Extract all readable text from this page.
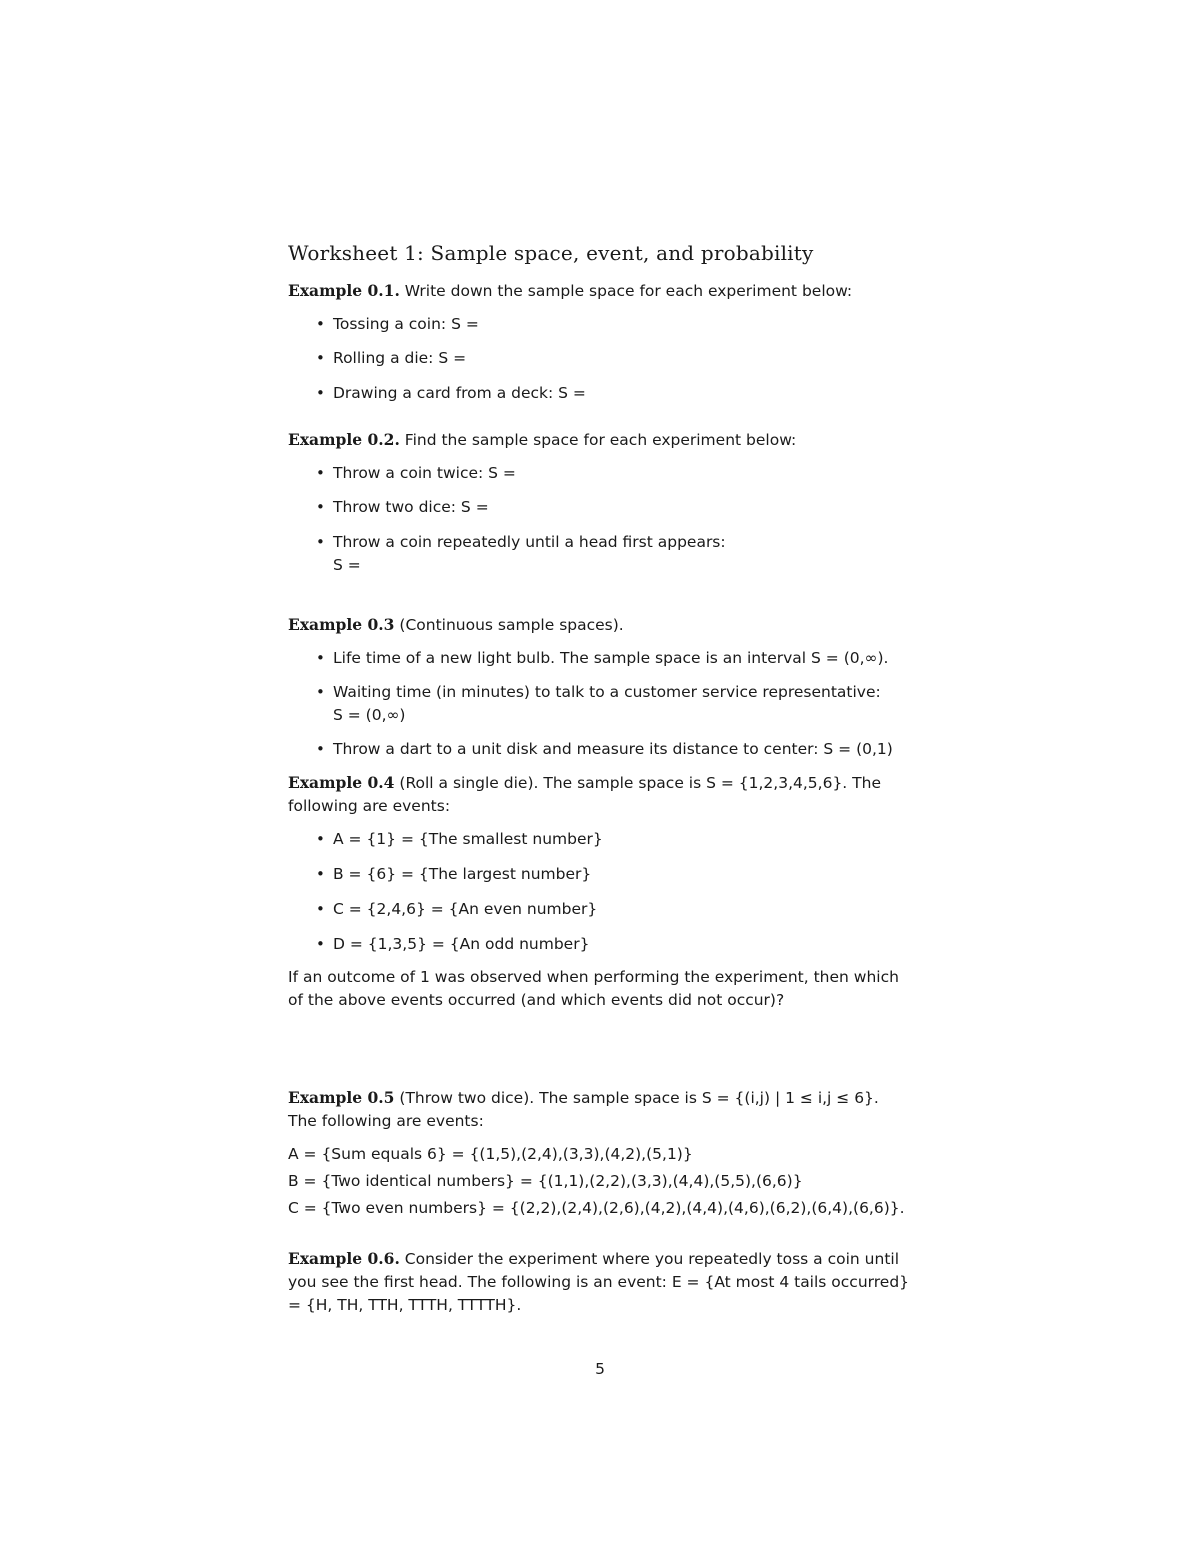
Worksheet 1: Sample space, event, and probability
Example 0.1. Write down the sample space for each experiment below:
• Tossing a coin: S =
• Rolling a die: S =
• Drawing a card from a deck: S =
Example 0.2. Find the sample space for each experiment below:
• Throw a coin twice: S =
• Throw two dice: S =
• Throw a coin repeatedly until a head first appears:
S =
Example 0.3 (Continuous sample spaces).
• Life time of a new light bulb. The sample space is an interval S = (0,∞).
• Waiting time (in minutes) to talk to a customer service representative:
S = (0,∞)
• Throw a dart to a unit disk and measure its distance to center: S = (0,1)
Example 0.4 (Roll a single die). The sample space is S = {1,2,3,4,5,6}. The
following are events:
• A = {1} = {The smallest number}
• B = {6} = {The largest number}
• C = {2,4,6} = {An even number}
• D = {1,3,5} = {An odd number}
If an outcome of 1 was observed when performing the experiment, then which
of the above events occurred (and which events did not occur)?
Example 0.5 (Throw two dice). The sample space is S = {(i,j) | 1 ≤ i,j ≤ 6}.
The following are events:
A = {Sum equals 6} = {(1,5),(2,4),(3,3),(4,2),(5,1)}
B = {Two identical numbers} = {(1,1),(2,2),(3,3),(4,4),(5,5),(6,6)}
C = {Two even numbers} = {(2,2),(2,4),(2,6),(4,2),(4,4),(4,6),(6,2),(6,4),(6,6)}.
Example 0.6. Consider the experiment where you repeatedly toss a coin until
you see the first head. The following is an event: E = {At most 4 tails occurred}
= {H, TH, TTH, TTTH, TTTTH}.
5
